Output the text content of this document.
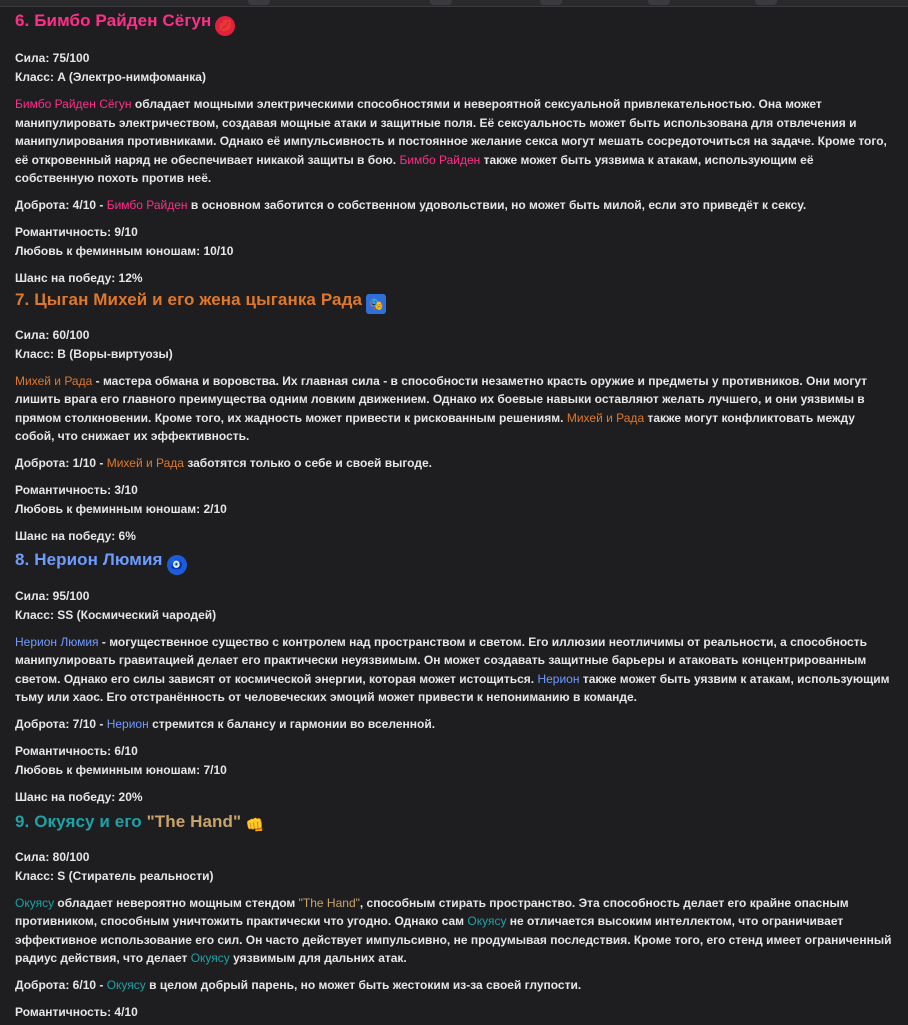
6. Бимбо Райден Сёгун 💋
Сила: 75/100
Класс: A (Электро-нимфоманка)

Бимбо Райден Сёгун обладает мощными электрическими способностями и невероятной сексуальной привлекательностью. Она может манипулировать электричеством, создавая мощные атаки и защитные поля. Её сексуальность может быть использована для отвлечения и манипулирования противниками. Однако её импульсивность и постоянное желание секса могут мешать сосредоточиться на задаче. Кроме того, её откровенный наряд не обеспечивает никакой защиты в бою. Бимбо Райден также может быть уязвима к атакам, использующим её собственную похоть против неё.

Доброта: 4/10 - Бимбо Райден в основном заботится о собственном удовольствии, но может быть милой, если это приведёт к сексу.
Романтичность: 9/10
Любовь к феминным юношам: 10/10
Шанс на победу: 12%
7. Цыган Михей и его жена цыганка Рада 🎭
Сила: 60/100
Класс: B (Воры-виртуозы)

Михей и Рада - мастера обмана и воровства. Их главная сила - в способности незаметно красть оружие и предметы у противников. Они могут лишить врага его главного преимущества одним ловким движением. Однако их боевые навыки оставляют желать лучшего, и они уязвимы в прямом столкновении. Кроме того, их жадность может привести к рискованным решениям. Михей и Рада также могут конфликтовать между собой, что снижает их эффективность.

Доброта: 1/10 - Михей и Рада заботятся только о себе и своей выгоде.
Романтичность: 3/10
Любовь к феминным юношам: 2/10
Шанс на победу: 6%
8. Нерион Люмия 🧿
Сила: 95/100
Класс: SS (Космический чародей)

Нерион Люмия - могущественное существо с контролем над пространством и светом. Его иллюзии неотличимы от реальности, а способность манипулировать гравитацией делает его практически неуязвимым. Он может создавать защитные барьеры и атаковать концентрированным светом. Однако его силы зависят от космической энергии, которая может истощиться. Нерион также может быть уязвим к атакам, использующим тьму или хаос. Его отстранённость от человеческих эмоций может привести к непониманию в команде.

Доброта: 7/10 - Нерион стремится к балансу и гармонии во вселенной.
Романтичность: 6/10
Любовь к феминным юношам: 7/10
Шанс на победу: 20%
9. Окуясу и его "The Hand" 👊
Сила: 80/100
Класс: S (Стиратель реальности)

Окуясу обладает невероятно мощным стендом "The Hand", способным стирать пространство. Эта способность делает его крайне опасным противником, способным уничтожить практически что угодно. Однако сам Окуясу не отличается высоким интеллектом, что ограничивает эффективное использование его сил. Он часто действует импульсивно, не продумывая последствия. Кроме того, его стенд имеет ограниченный радиус действия, что делает Окуясу уязвимым для дальних атак.

Доброта: 6/10 - Окуясу в целом добрый парень, но может быть жестоким из-за своей глупости.
Романтичность: 4/10
